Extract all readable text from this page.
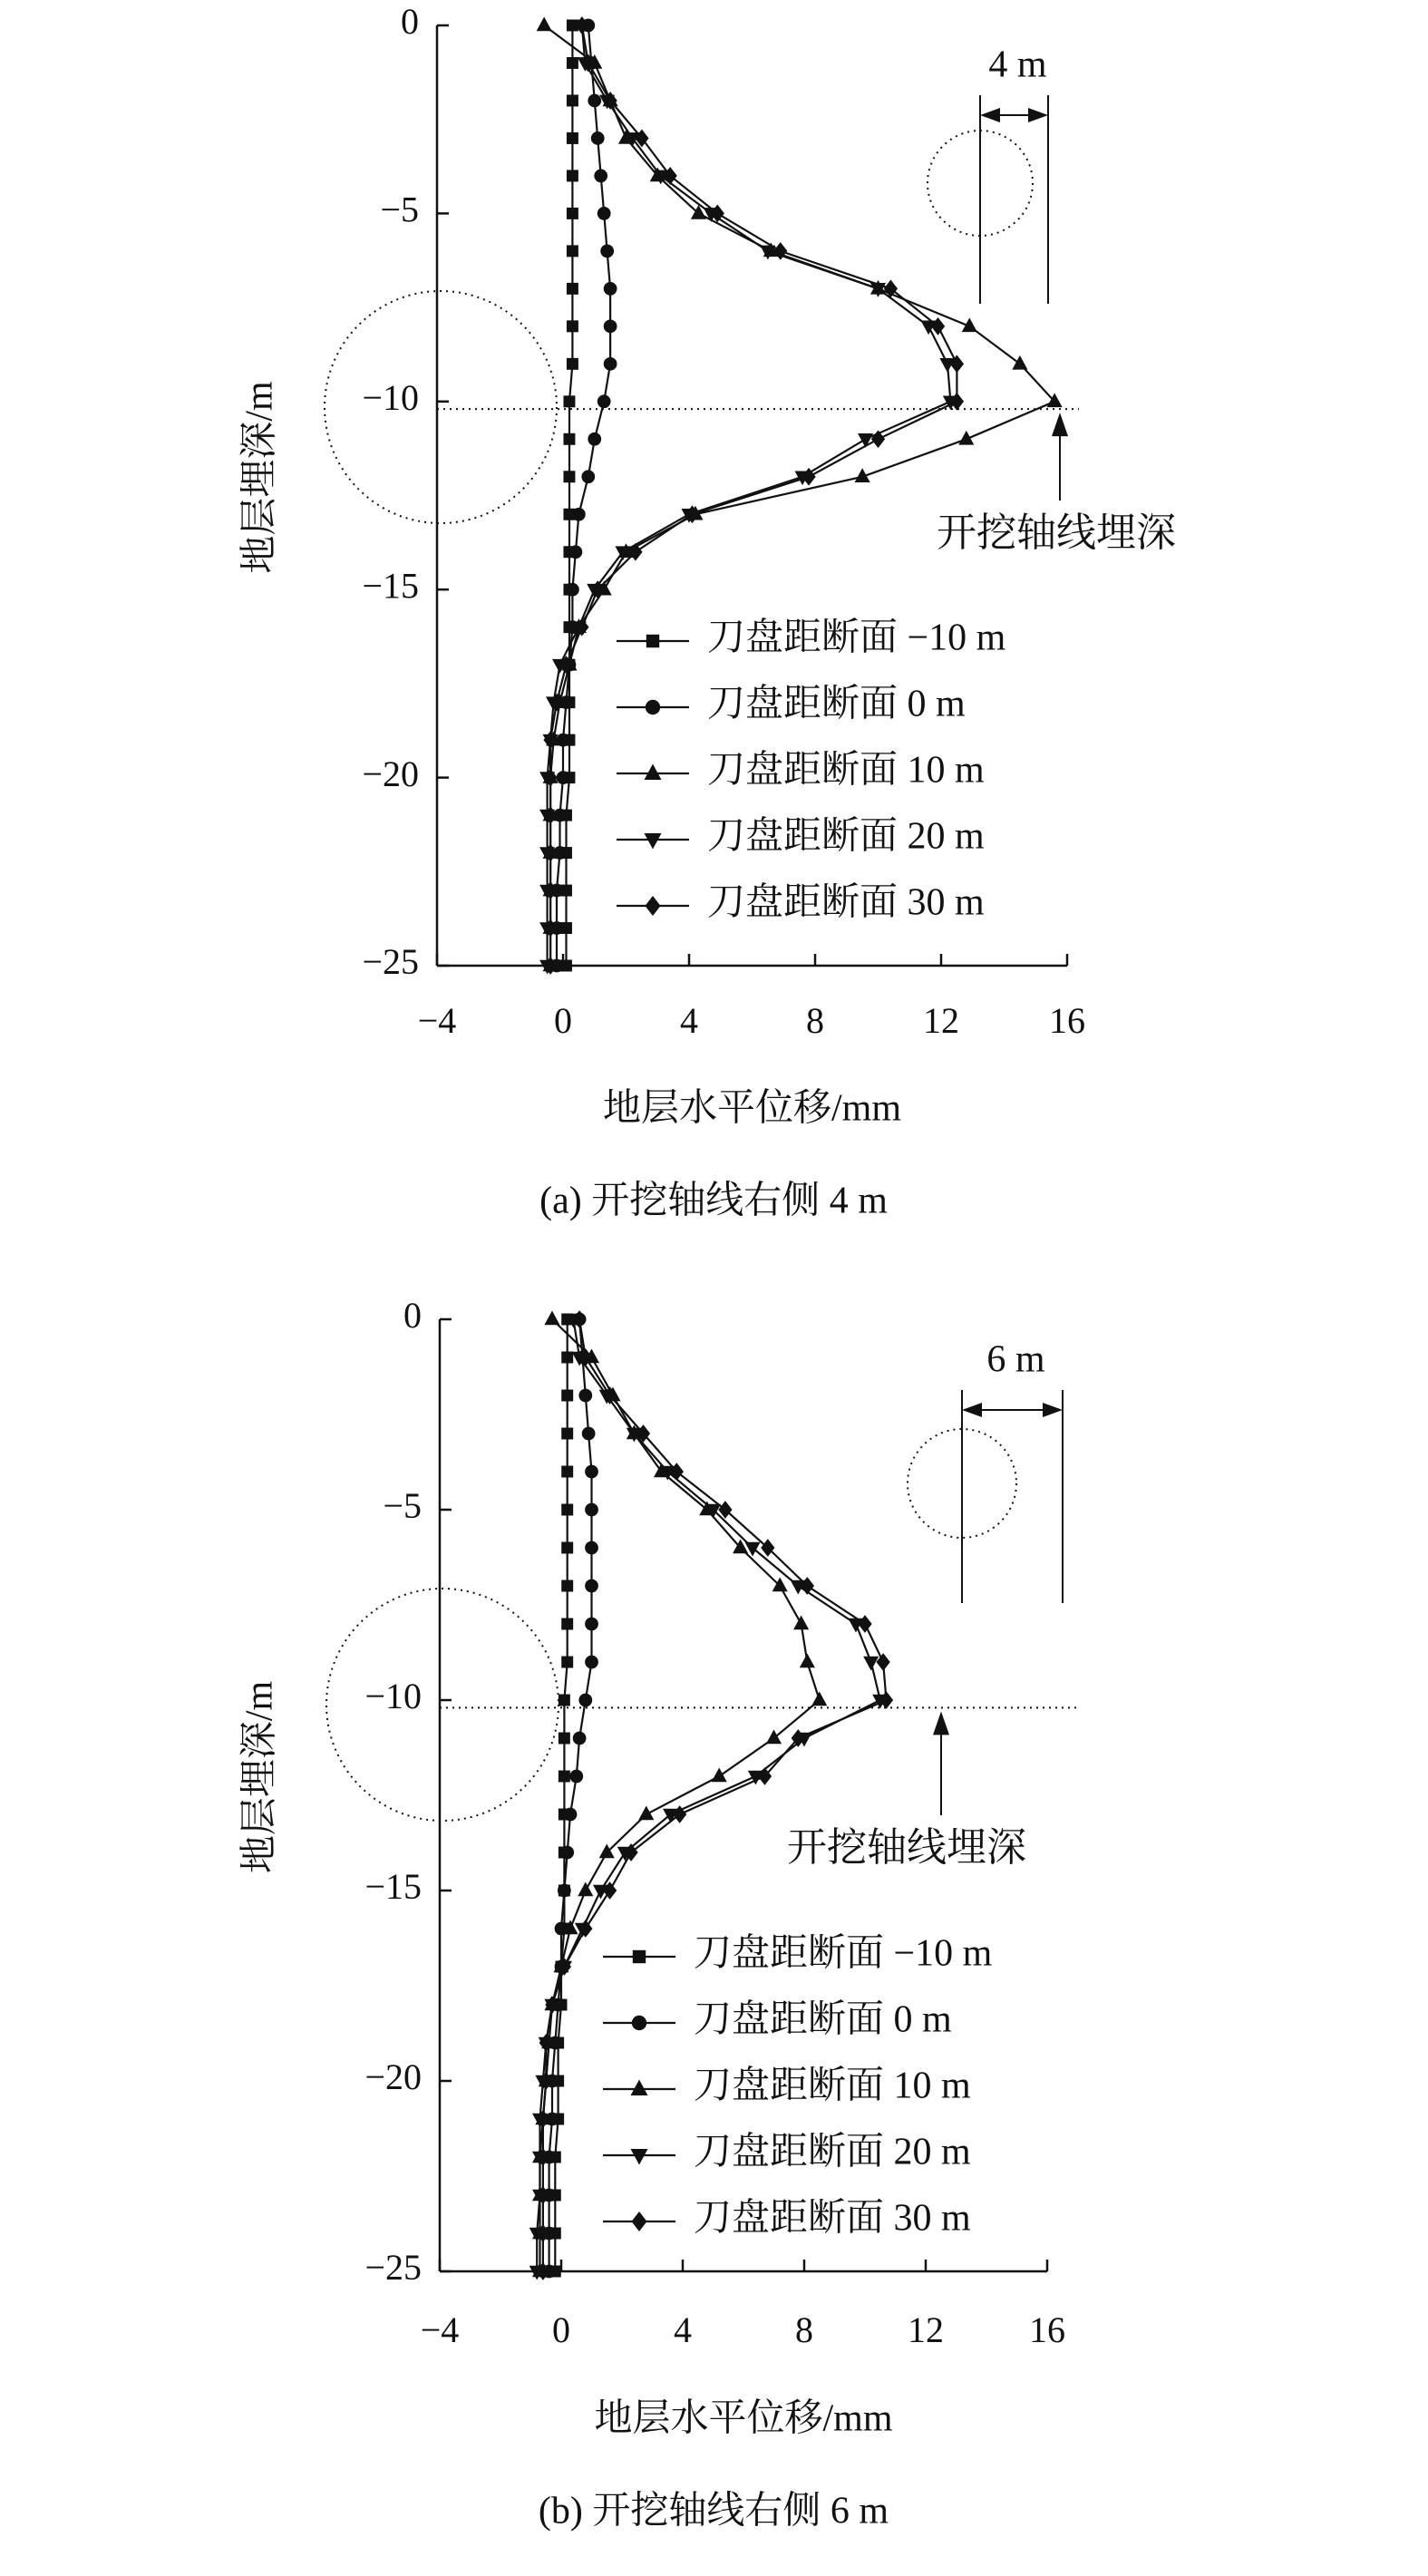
0
−5
−10
−15
−20
−25
−4	0	4	8	12 16
地层水平位移/mm
地层埋深/m	开挖轴线埋深
4 m
刀盘距断面 −10 m
刀盘距断面 0 m
刀盘距断面 10 m
刀盘距断面 20 m
刀盘距断面 30 m
(a) 开挖轴线右侧 4 m
0
−5
−10
−15
−20
−25
−4	0	4	8	12 16
地层水平位移/mm
地层埋深/m	开挖轴线埋深
6 m
刀盘距断面 −10 m
刀盘距断面 0 m
刀盘距断面 10 m
刀盘距断面 20 m
刀盘距断面 30 m
(b) 开挖轴线右侧 6 m
